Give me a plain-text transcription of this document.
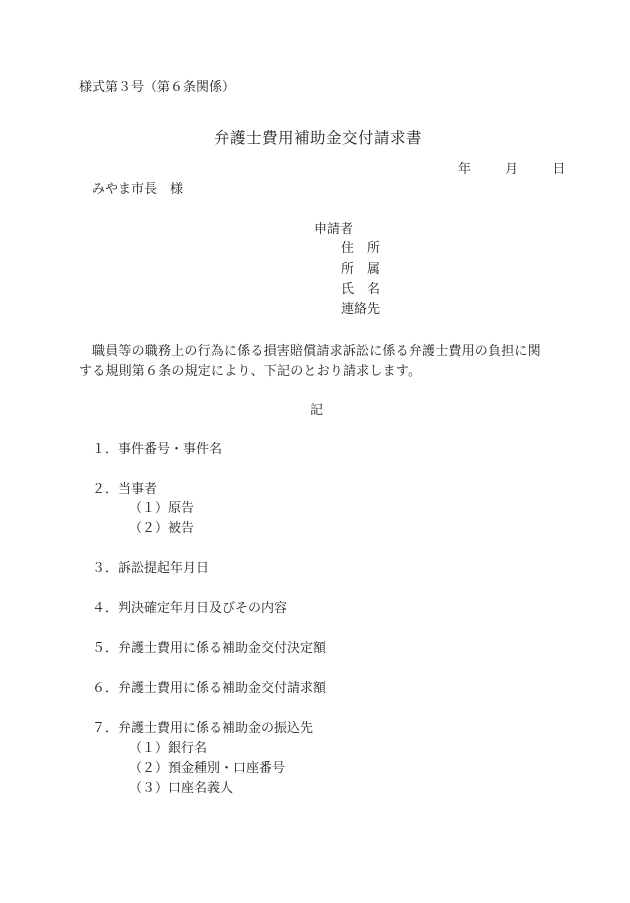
様式第３号（第６条関係）
弁護士費用補助金交付請求書
年	月	日
みやま市長　様
申請者
住　所
所　属
氏　名
連絡先
職員等の職務上の行為に係る損害賠償請求訴訟に係る弁護士費用の負担に関
する規則第６条の規定により、下記のとおり請求します。
記
１．事件番号・事件名
２．当事者
（１）原告
（２）被告
３．訴訟提起年月日
４．判決確定年月日及びその内容
５．弁護士費用に係る補助金交付決定額
６．弁護士費用に係る補助金交付請求額
７．弁護士費用に係る補助金の振込先
（１）銀行名
（２）預金種別・口座番号
（３）口座名義人
